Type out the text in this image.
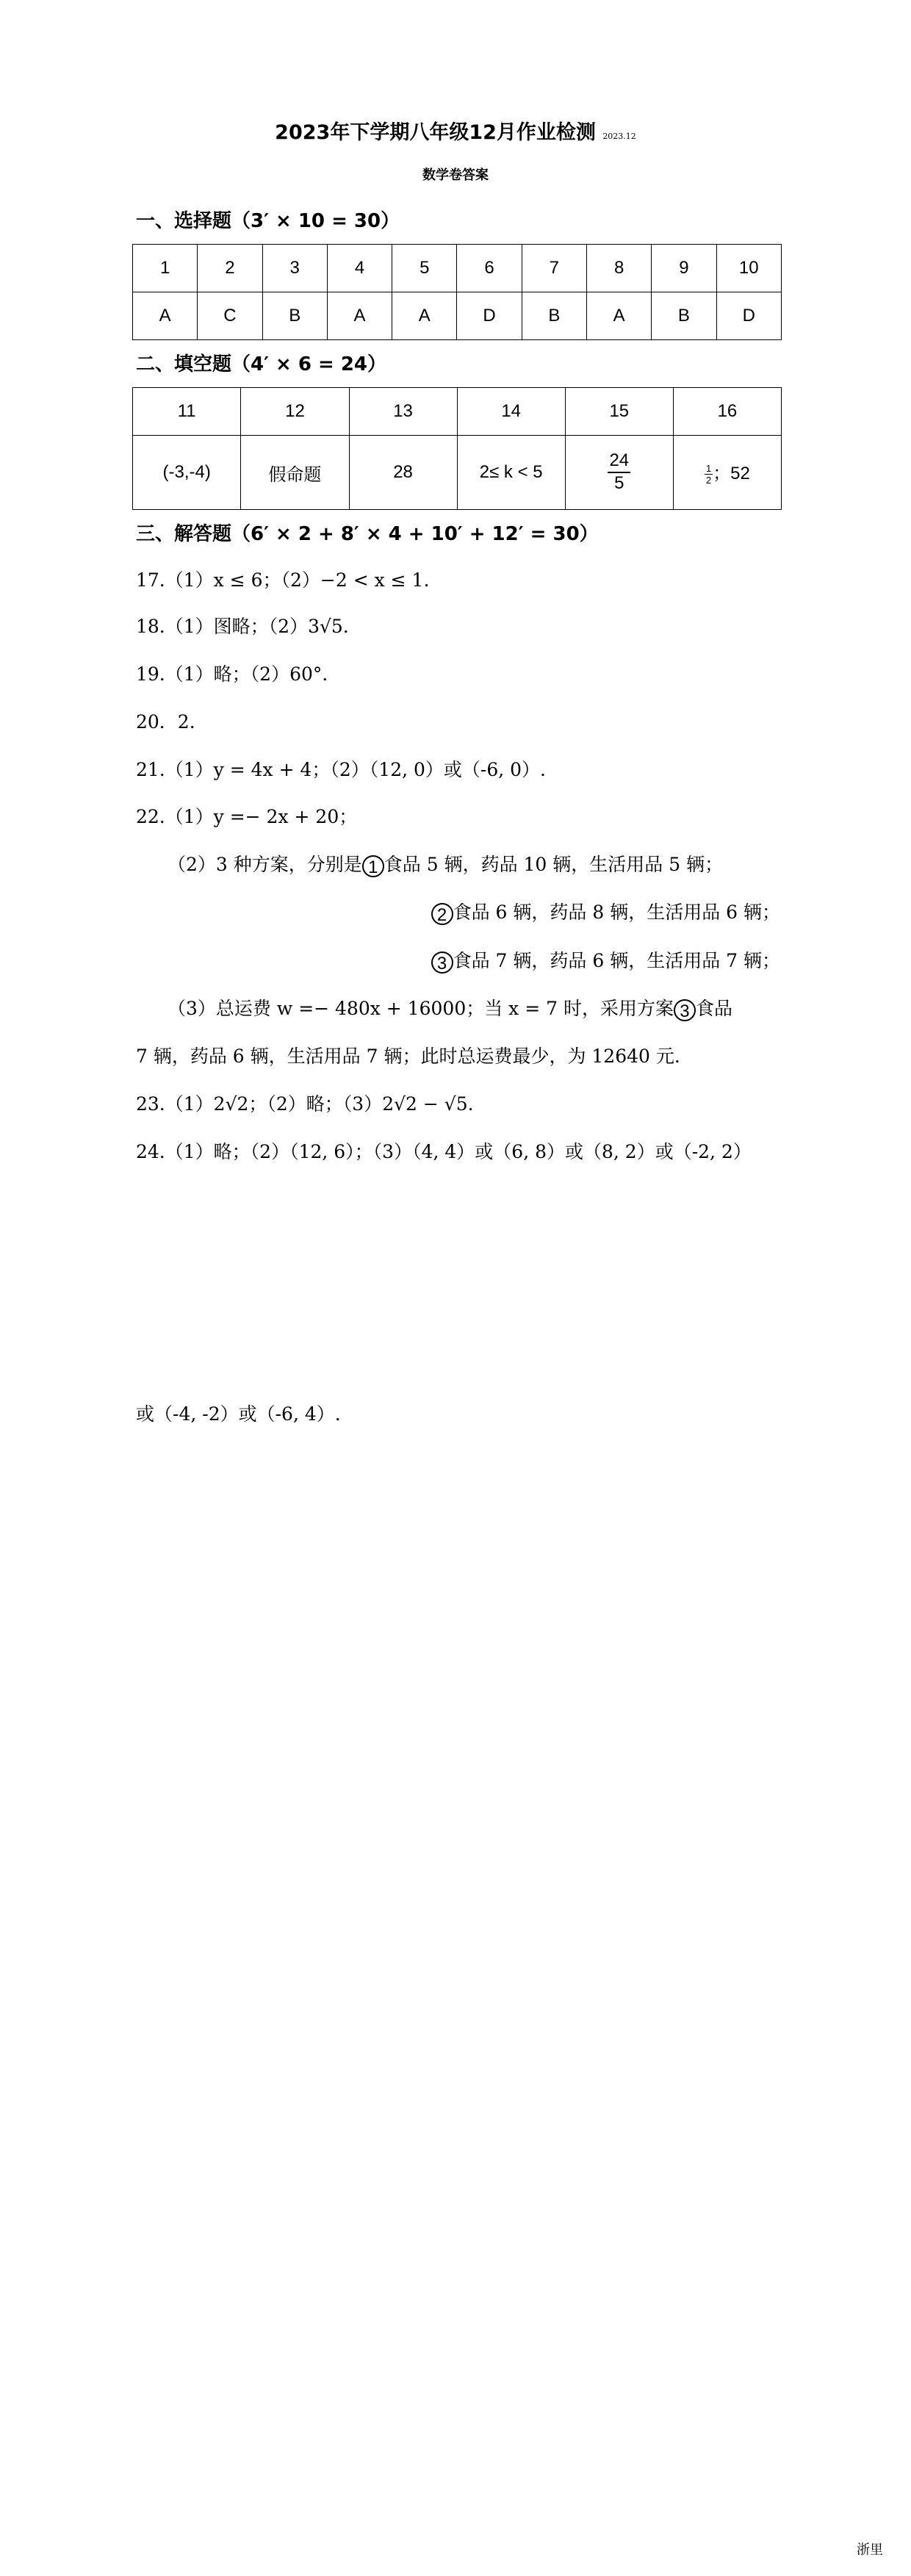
2023年下学期八年级12月作业检测 2023.12
数学卷答案
一、选择题（3′ × 10 = 30）
1	2	3	4	5	6	7	8	9	10
A	C	B	A	A	D	B	A	B	D
二、填空题（4′ × 6 = 24）
11	12	13	14	15	16
(-3,-4)	假命题	28	2≤ k < 5	$\frac{24}{5}$	$\frac{1}{2}$ ；52
三、解答题（6′ × 2 + 8′ × 4 + 10′ + 12′ = 30）
17.（1）x ≤ 6；（2）−2 < x ≤ 1.
18.（1）图略；（2）3√5.
19.（1）略；（2）60°．
20．2.
21.（1）y = 4x + 4；（2）（12, 0）或（-6, 0）.
22.（1）y =− 2x + 20；
（2）3 种方案，分别是 1 食品 5 辆，药品 10 辆，生活用品 5 辆；
2 食品 6 辆，药品 8 辆，生活用品 6 辆；
3 食品 7 辆，药品 6 辆，生活用品 7 辆；
（3）总运费 w =− 480x + 16000；当 x = 7 时，采用方案 3 食品
7 辆，药品 6 辆，生活用品 7 辆；此时总运费最少，为 12640 元.
23.（1）2√2；（2）略；（3）2√2 − √5.
24.（1）略；（2）（12, 6）；（3）（4, 4）或（6, 8）或（8, 2）或（-2, 2）
或（-4, -2）或（-6, 4）.
浙里
